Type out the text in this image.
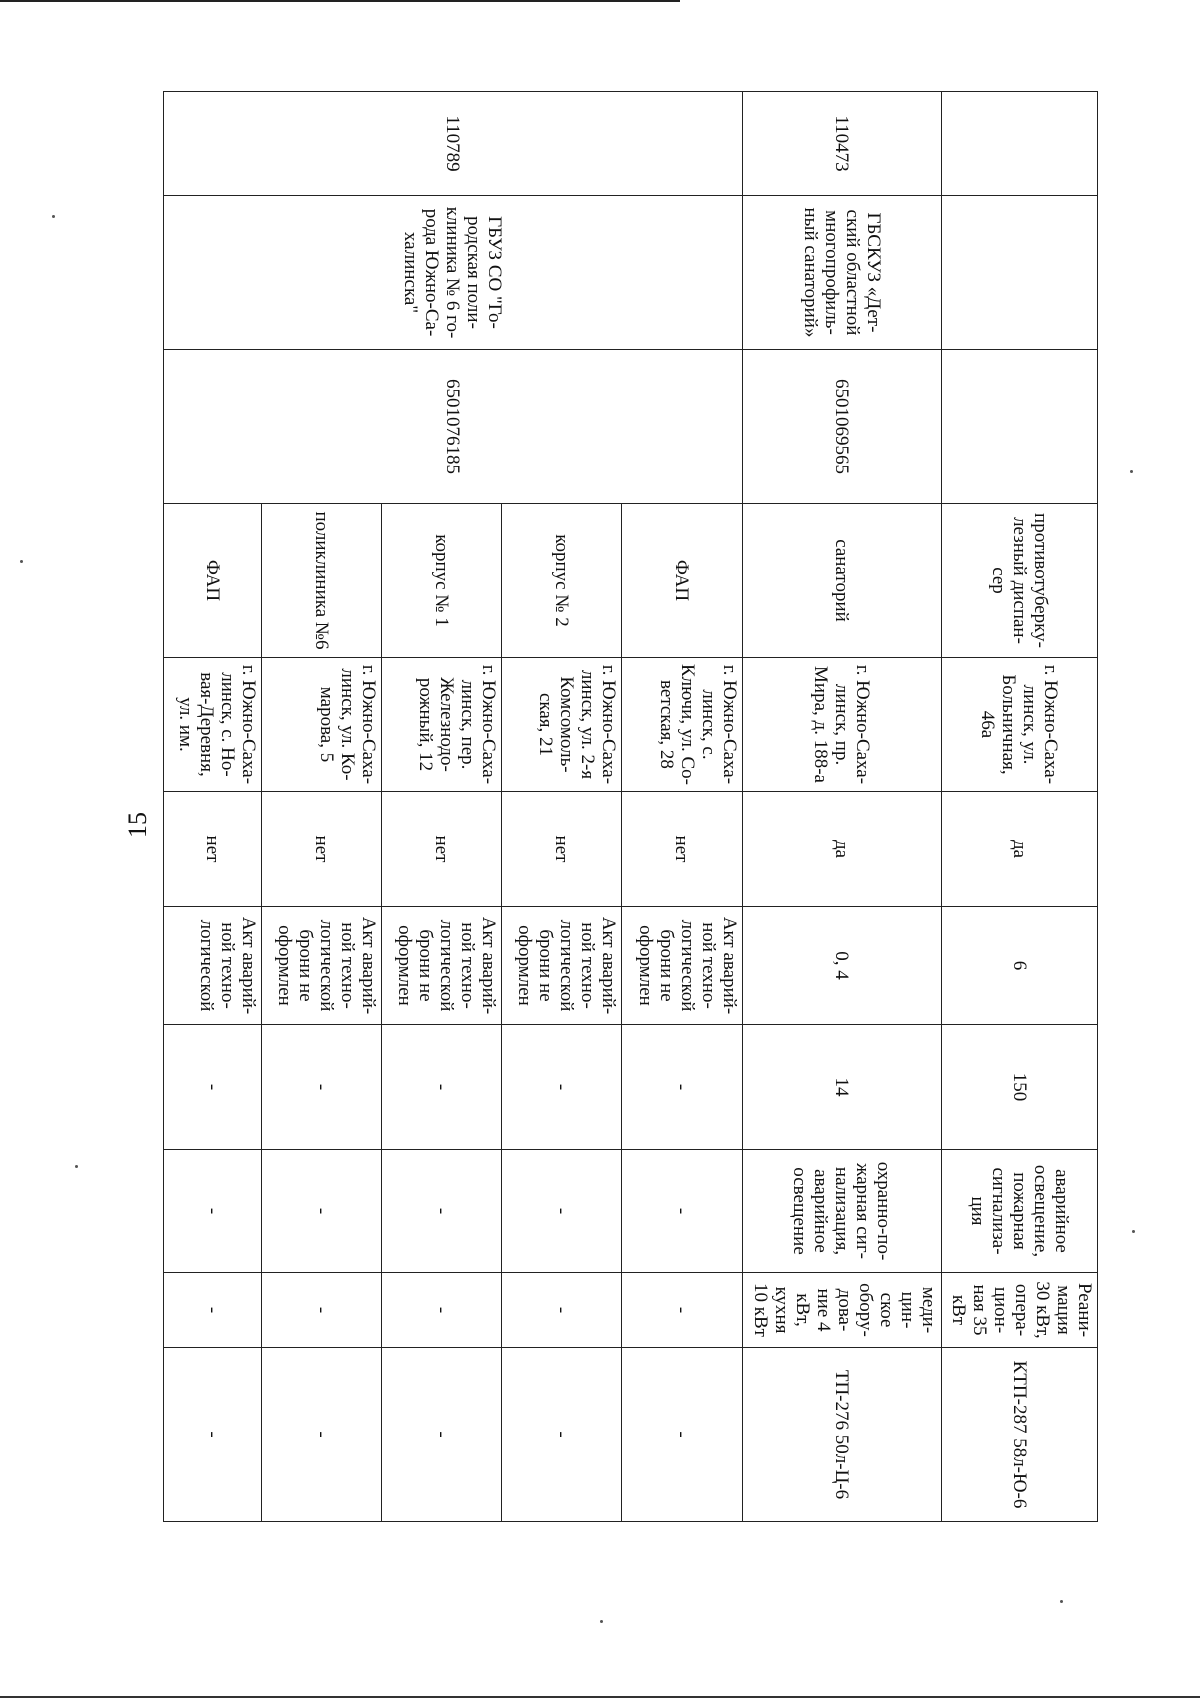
15
			противотуберку-лезный диспан-сер	г. Южно-Саха-линск, ул. Больничная, 46а	да	6	150	аварийное освещение, пожарная сигнализа-ция	Реани-мация 30 кВт, опера-цион-ная 35 кВт	КТП-287 58л-Ю-6
110473	ГБСКУЗ «Дет-ский областной многопрофиль-ный санаторий»	6501069565	санаторий	г. Южно-Саха-линск, пр. Мира, д. 188-а	да	0, 4	14	охранно-по-жарная сиг-нализация, аварийное освещение	меди-цин-ское обору-дова-ние 4 кВт, кухня 10 кВт	ТП-276 50л-Ц-6
110789	ГБУЗ СО "Го-родская поли-клиника № 6 го-рода Южно-Са-халинска"	6501076185	ФАП	г. Южно-Саха-линск, с. Ключи, ул. Со-ветская, 28	нет	Акт аварий-ной техно-логической брони не оформлен	-	-	-	-
			корпус № 2	г. Южно-Саха-линск, ул. 2-я Комсомоль-ская, 21	нет	Акт аварий-ной техно-логической брони не оформлен	-	-	-	-
			корпус № 1	г. Южно-Саха-линск, пер. Железнодо-рожный, 12	нет	Акт аварий-ной техно-логической брони не оформлен	-	-	-	-
			поликлиника №6	г. Южно-Саха-линск, ул. Ко-марова, 5	нет	Акт аварий-ной техно-логической брони не оформлен	-	-	-	-
			ФАП	г. Южно-Саха-линск, с. Но-вая-Деревня, ул. им.	нет	Акт аварий-ной техно-логической	-	-	-	-
